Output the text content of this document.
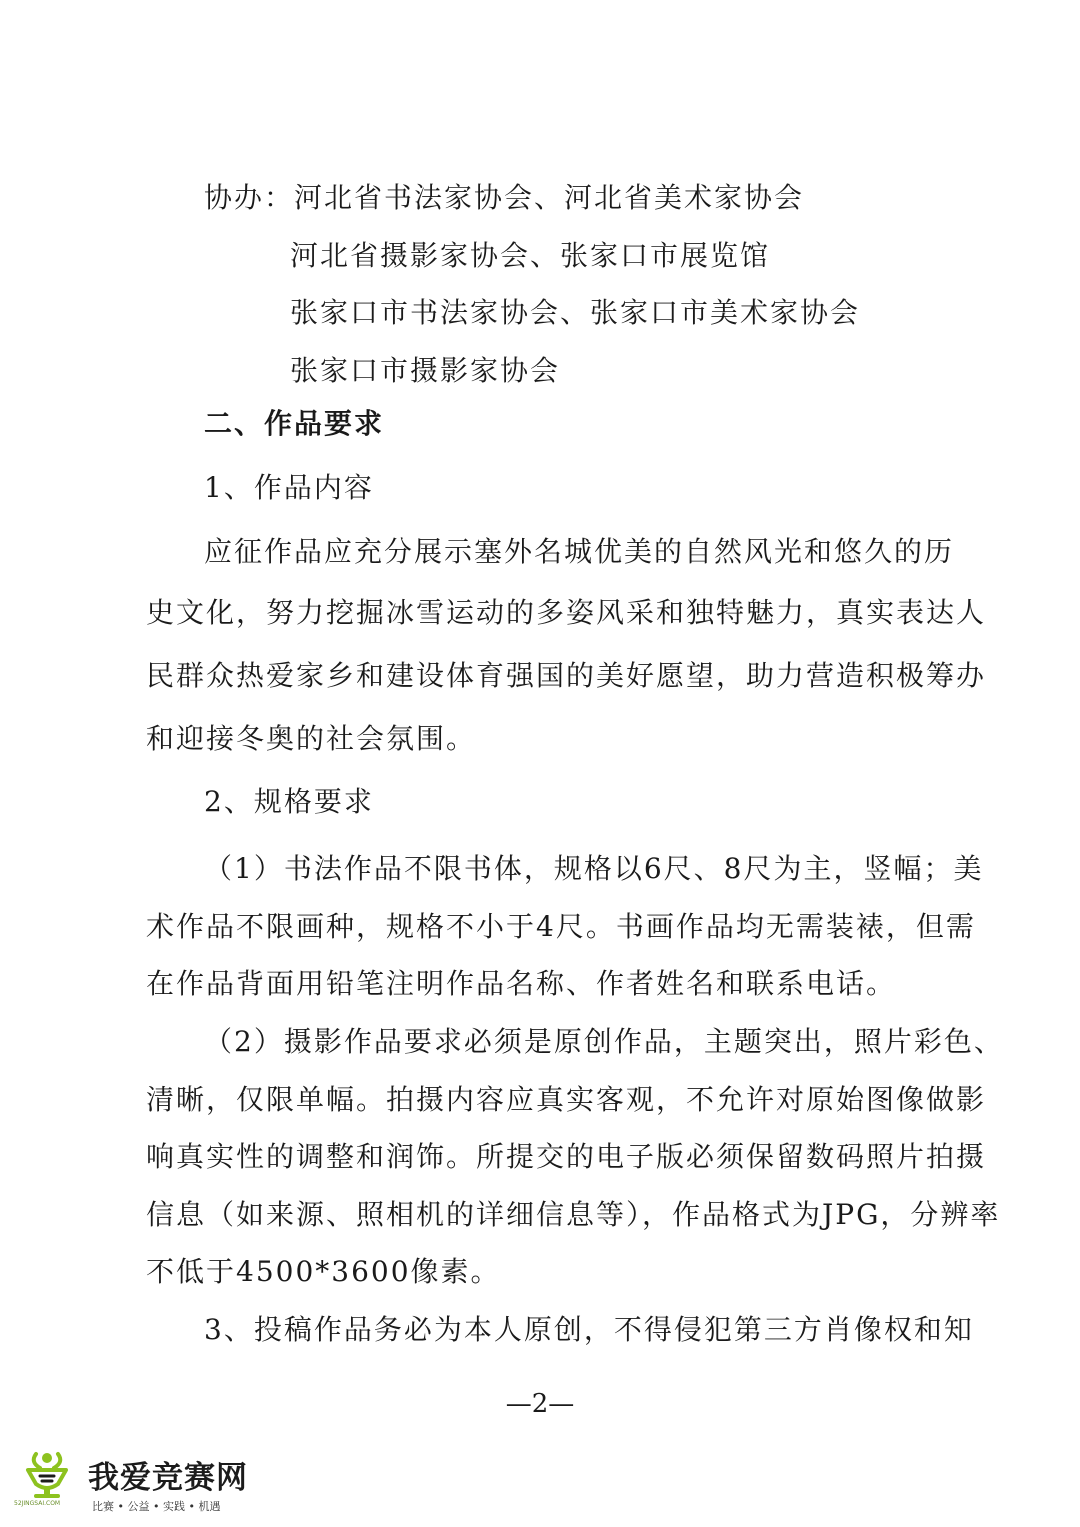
协办：河北省书法家协会、河北省美术家协会
河北省摄影家协会、张家口市展览馆
张家口市书法家协会、张家口市美术家协会
张家口市摄影家协会
二、作品要求
1、作品内容
应征作品应充分展示塞外名城优美的自然风光和悠久的历
史文化，努力挖掘冰雪运动的多姿风采和独特魅力，真实表达人
民群众热爱家乡和建设体育强国的美好愿望，助力营造积极筹办
和迎接冬奥的社会氛围。
2、规格要求
（1）书法作品不限书体，规格以6尺、8尺为主，竖幅；美
术作品不限画种，规格不小于4尺。书画作品均无需装裱，但需
在作品背面用铅笔注明作品名称、作者姓名和联系电话。
（2）摄影作品要求必须是原创作品，主题突出，照片彩色、
清晰，仅限单幅。拍摄内容应真实客观，不允许对原始图像做影
响真实性的调整和润饰。所提交的电子版必须保留数码照片拍摄
信息（如来源、照相机的详细信息等），作品格式为JPG，分辨率
不低于4500*3600像素。
3、投稿作品务必为本人原创，不得侵犯第三方肖像权和知
—2—
我爱竞赛网
比赛 • 公益 • 实践 • 机遇
52JINGSAI.COM
